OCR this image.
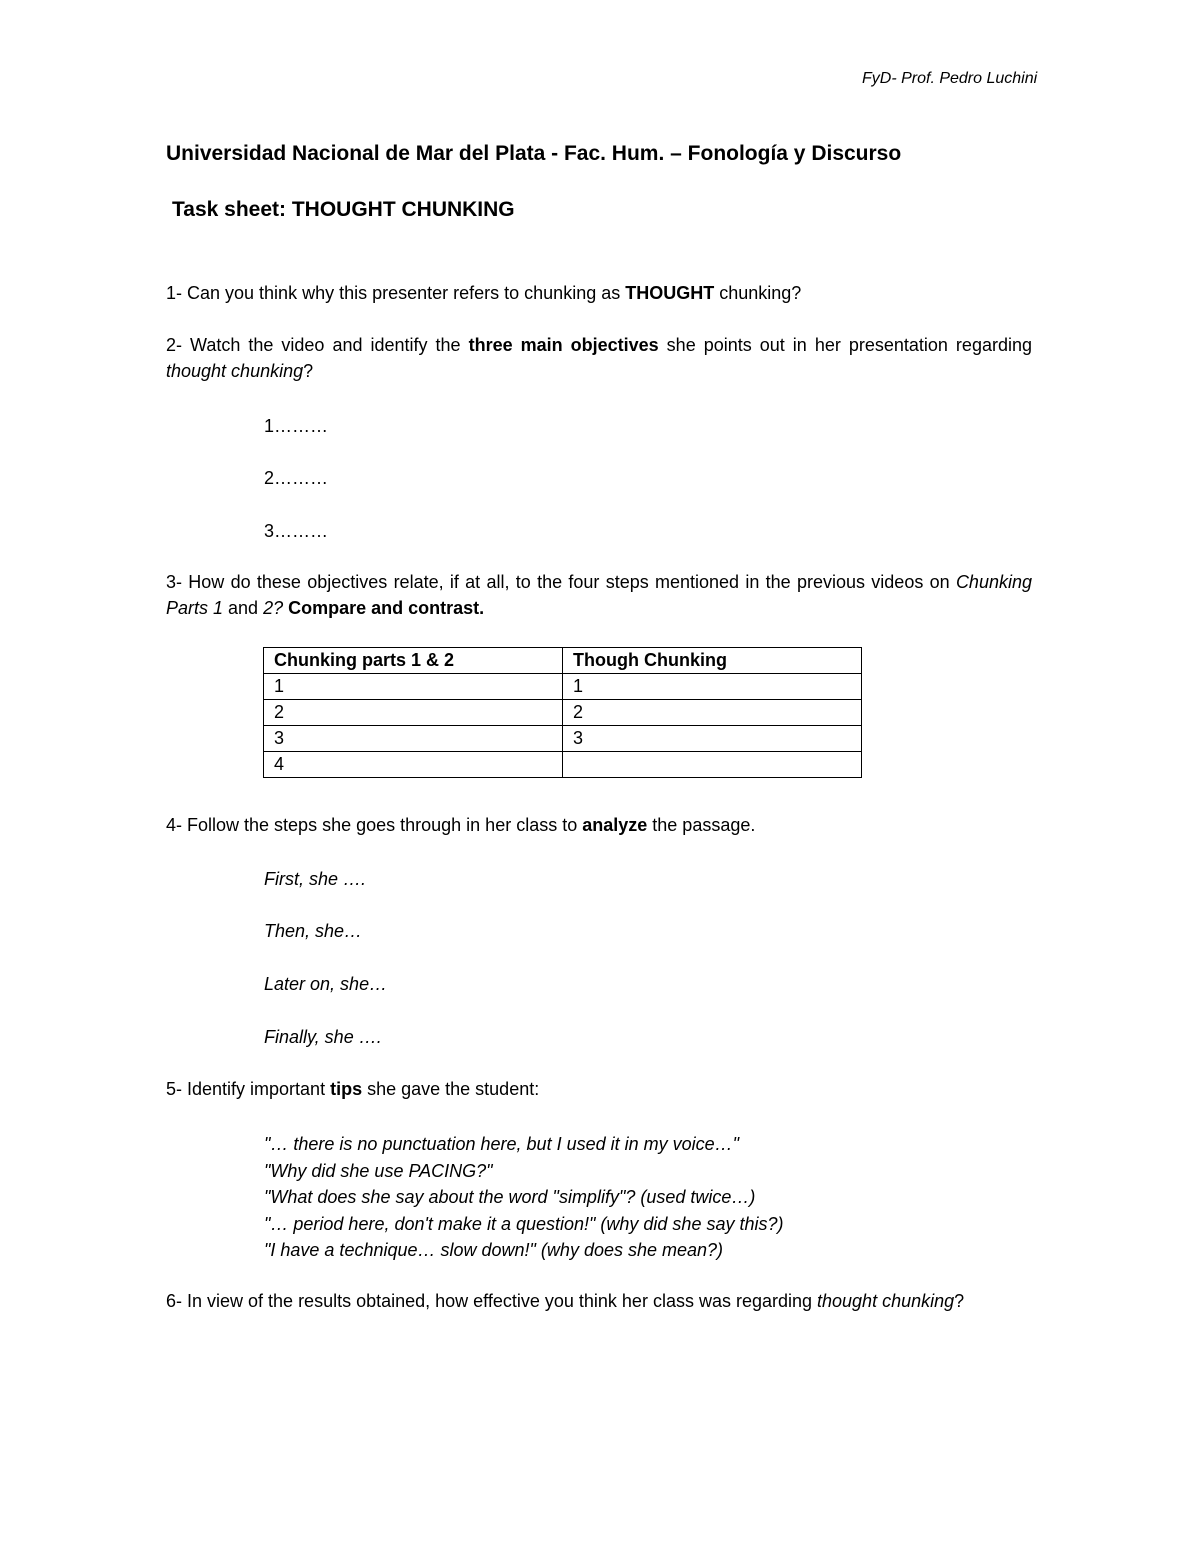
FyD- Prof. Pedro Luchini

Universidad Nacional de Mar del Plata - Fac. Hum. – Fonología y Discurso

Task sheet: THOUGHT CHUNKING

1- Can you think why this presenter refers to chunking as THOUGHT chunking?

2- Watch the video and identify the three main objectives she points out in her presentation regarding thought chunking?

1………

2………

3………

3- How do these objectives relate, if at all, to the four steps mentioned in the previous videos on Chunking Parts 1 and 2? Compare and contrast.

Chunking parts 1 & 2	Though Chunking
1	1
2	2
3	3
4	

4- Follow the steps she goes through in her class to analyze the passage.

First, she ….

Then, she…

Later on, she…

Finally, she ….

5- Identify important tips she gave the student:

"… there is no punctuation here, but I used it in my voice…"
"Why did she use PACING?"
"What does she say about the word "simplify"? (used twice…)
"… period here, don't make it a question!" (why did she say this?)
"I have a technique… slow down!" (why does she mean?)

6- In view of the results obtained, how effective you think her class was regarding thought chunking?
